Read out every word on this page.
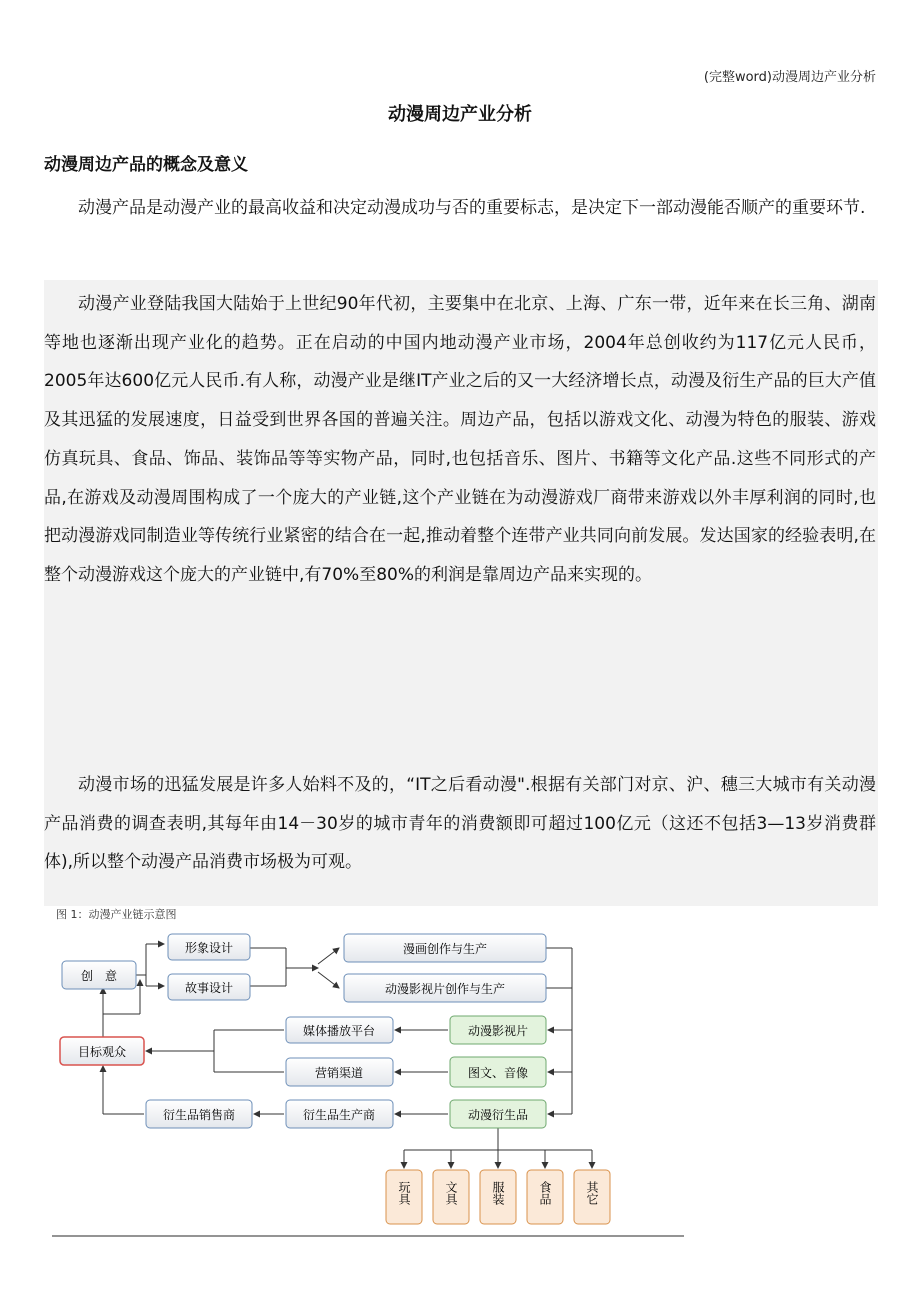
(完整word)动漫周边产业分析
动漫周边产业分析
动漫周边产品的概念及意义

动漫产品是动漫产业的最高收益和决定动漫成功与否的重要标志，是决定下一部动漫能否顺产的重要环节.

动漫产业登陆我国大陆始于上世纪90年代初，主要集中在北京、上海、广东一带，近年来在长三角、湖南等地也逐渐出现产业化的趋势。正在启动的中国内地动漫产业市场，2004年总创收约为117亿元人民币，2005年达600亿元人民币.有人称，动漫产业是继IT产业之后的又一大经济增长点，动漫及衍生产品的巨大产值及其迅猛的发展速度，日益受到世界各国的普遍关注。周边产品，包括以游戏文化、动漫为特色的服装、游戏仿真玩具、食品、饰品、装饰品等等实物产品，同时,也包括音乐、图片、书籍等文化产品.这些不同形式的产品,在游戏及动漫周围构成了一个庞大的产业链,这个产业链在为动漫游戏厂商带来游戏以外丰厚利润的同时,也把动漫游戏同制造业等传统行业紧密的结合在一起,推动着整个连带产业共同向前发展。发达国家的经验表明,在整个动漫游戏这个庞大的产业链中,有70%至80%的利润是靠周边产品来实现的。

动漫市场的迅猛发展是许多人始料不及的，“IT之后看动漫".根据有关部门对京、沪、穗三大城市有关动漫产品消费的调查表明,其每年由14－30岁的城市青年的消费额即可超过100亿元（这还不包括3—13岁消费群体),所以整个动漫产品消费市场极为可观。

图 1：动漫产业链示意图
创　意
形象设计
故事设计
漫画创作与生产
动漫影视片创作与生产
目标观众
媒体播放平台
营销渠道
衍生品销售商	衍生品生产商
动漫影视片
图文、音像
动漫衍生品
玩具	文具	服装	食品	其它
